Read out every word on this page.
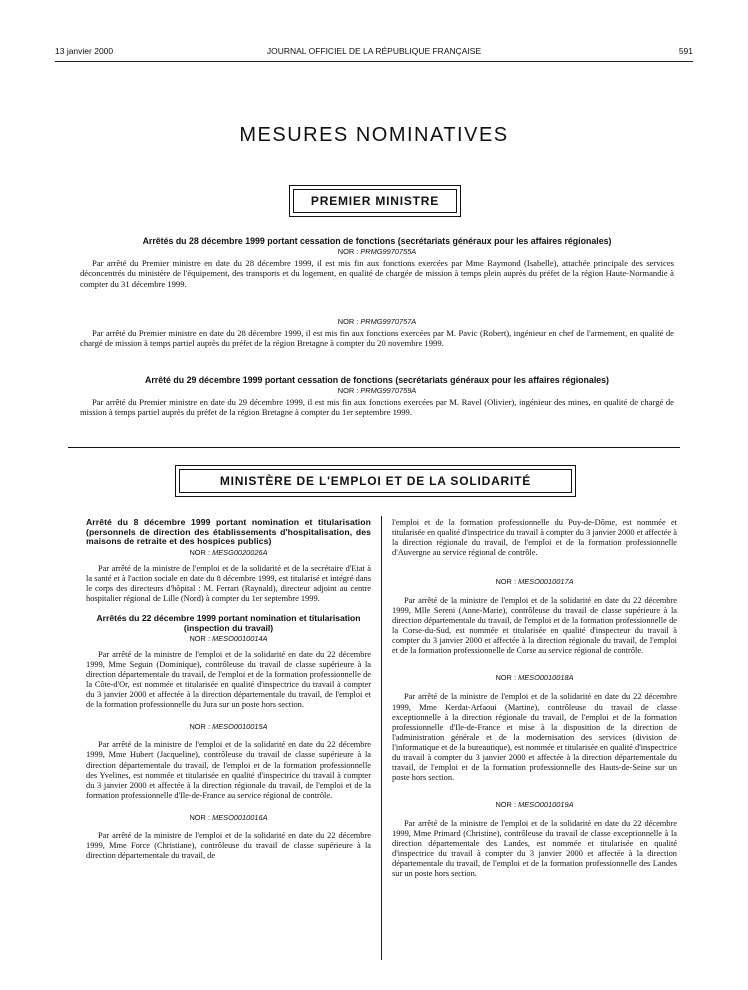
13 janvier 2000	JOURNAL OFFICIEL DE LA RÉPUBLIQUE FRANÇAISE	591
MESURES NOMINATIVES
PREMIER MINISTRE

Arrêtés du 28 décembre 1999 portant cessation de fonctions (secrétariats généraux pour les affaires régionales)

NOR : PRMG9970755A

Par arrêté du Premier ministre en date du 28 décembre 1999, il est mis fin aux fonctions exercées par Mme Raymond (Isabelle), attachée principale des services déconcentrés du ministère de l'équipement, des transports et du logement, en qualité de chargée de mission à temps plein auprès du préfet de la région Haute-Normandie à compter du 31 décembre 1999.

NOR : PRMG9970757A

Par arrêté du Premier ministre en date du 28 décembre 1999, il est mis fin aux fonctions exercées par M. Pavic (Robert), ingénieur en chef de l'armement, en qualité de chargé de mission à temps partiel auprès du préfet de la région Bretagne à compter du 20 novembre 1999.

Arrêté du 29 décembre 1999 portant cessation de fonctions (secrétariats généraux pour les affaires régionales)

NOR : PRMG9970759A

Par arrêté du Premier ministre en date du 29 décembre 1999, il est mis fin aux fonctions exercées par M. Ravel (Olivier), ingénieur des mines, en qualité de chargé de mission à temps partiel auprès du préfet de la région Bretagne à compter du 1er septembre 1999.

MINISTÈRE DE L'EMPLOI ET DE LA SOLIDARITÉ

Arrêté du 8 décembre 1999 portant nomination et titularisation (personnels de direction des établissements d'hospitalisation, des maisons de retraite et des hospices publics)

NOR : MESG0020026A

Par arrêté de la ministre de l'emploi et de la solidarité et de la secrétaire d'Etat à la santé et à l'action sociale en date du 8 décembre 1999, est titularisé et intégré dans le corps des directeurs d'hôpital : M. Ferrari (Raynald), directeur adjoint au centre hospitalier régional de Lille (Nord) à compter du 1er septembre 1999.

Arrêtés du 22 décembre 1999 portant nomination et titularisation (inspection du travail)

NOR : MESO0010014A

Par arrêté de la ministre de l'emploi et de la solidarité en date du 22 décembre 1999, Mme Seguin (Dominique), contrôleuse du travail de classe supérieure à la direction départementale du travail, de l'emploi et de la formation professionnelle de la Côte-d'Or, est nommée et titularisée en qualité d'inspectrice du travail à compter du 3 janvier 2000 et affectée à la direction départementale du travail, de l'emploi et de la formation professionnelle du Jura sur un poste hors section.

NOR : MESO0010015A

Par arrêté de la ministre de l'emploi et de la solidarité en date du 22 décembre 1999, Mme Hubert (Jacqueline), contrôleuse du travail de classe supérieure à la direction départementale du travail, de l'emploi et de la formation professionnelle des Yvelines, est nommée et titularisée en qualité d'inspectrice du travail à compter du 3 janvier 2000 et affectée à la direction régionale du travail, de l'emploi et de la formation professionnelle d'Ile-de-France au service régional de contrôle.

NOR : MESO0010016A

Par arrêté de la ministre de l'emploi et de la solidarité en date du 22 décembre 1999, Mme Force (Christiane), contrôleuse du travail de classe supérieure à la direction départementale du travail, de

l'emploi et de la formation professionnelle du Puy-de-Dôme, est nommée et titularisée en qualité d'inspectrice du travail à compter du 3 janvier 2000 et affectée à la direction régionale du travail, de l'emploi et de la formation professionnelle d'Auvergne au service régional de contrôle.

NOR : MESO0010017A

Par arrêté de la ministre de l'emploi et de la solidarité en date du 22 décembre 1999, Mlle Sereni (Anne-Marie), contrôleuse du travail de classe supérieure à la direction départementale du travail, de l'emploi et de la formation professionnelle de la Corse-du-Sud, est nommée et titularisée en qualité d'inspecteur du travail à compter du 3 janvier 2000 et affectée à la direction régionale du travail, de l'emploi et de la formation professionnelle de Corse au service régional de contrôle.

NOR : MESO0010018A

Par arrêté de la ministre de l'emploi et de la solidarité en date du 22 décembre 1999, Mme Kerdat-Arfaoui (Martine), contrôleuse du travail de classe exceptionnelle à la direction régionale du travail, de l'emploi et de la formation professionnelle d'Ile-de-France et mise à la disposition de la direction de l'administration générale et de la modernisation des services (division de l'informatique et de la bureautique), est nommée et titularisée en qualité d'inspectrice du travail à compter du 3 janvier 2000 et affectée à la direction départementale du travail, de l'emploi et de la formation professionnelle des Hauts-de-Seine sur un poste hors section.

NOR : MESO0010019A

Par arrêté de la ministre de l'emploi et de la solidarité en date du 22 décembre 1999, Mme Primard (Christine), contrôleuse du travail de classe exceptionnelle à la direction départementale des Landes, est nommée et titularisée en qualité d'inspectrice du travail à compter du 3 janvier 2000 et affectée à la direction départementale du travail, de l'emploi et de la formation professionnelle des Landes sur un poste hors section.
